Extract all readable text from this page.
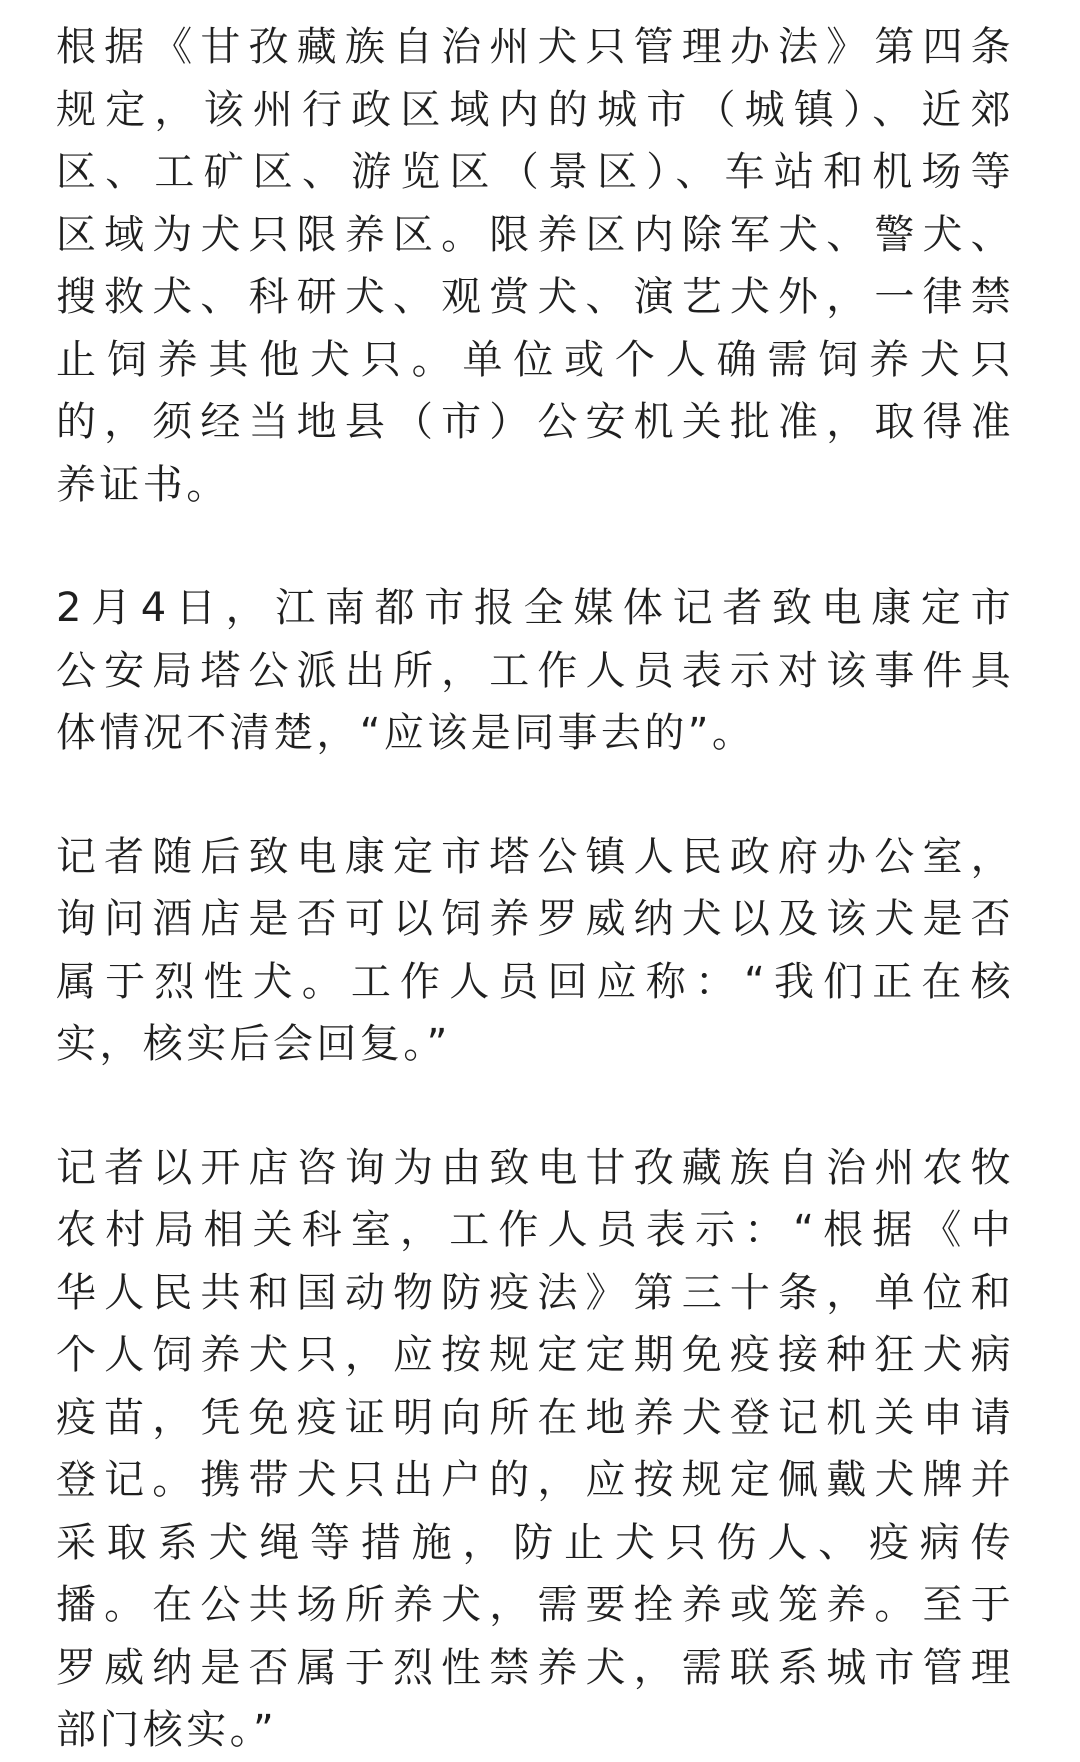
根据《甘孜藏族自治州犬只管理办法》第四条
规定，该州行政区域内的城市（城镇）、近郊
区、工矿区、游览区（景区）、车站和机场等
区域为犬只限养区。限养区内除军犬、警犬、
搜救犬、科研犬、观赏犬、演艺犬外，一律禁
止饲养其他犬只。单位或个人确需饲养犬只
的，须经当地县（市）公安机关批准，取得准
养证书。
2月4日，江南都市报全媒体记者致电康定市
公安局塔公派出所，工作人员表示对该事件具
体情况不清楚，“应该是同事去的”。
记者随后致电康定市塔公镇人民政府办公室，
询问酒店是否可以饲养罗威纳犬以及该犬是否
属于烈性犬。工作人员回应称：“我们正在核
实，核实后会回复。”
记者以开店咨询为由致电甘孜藏族自治州农牧
农村局相关科室，工作人员表示：“根据《中
华人民共和国动物防疫法》第三十条，单位和
个人饲养犬只，应按规定定期免疫接种狂犬病
疫苗，凭免疫证明向所在地养犬登记机关申请
登记。携带犬只出户的，应按规定佩戴犬牌并
采取系犬绳等措施，防止犬只伤人、疫病传
播。在公共场所养犬，需要拴养或笼养。至于
罗威纳是否属于烈性禁养犬，需联系城市管理
部门核实。”
